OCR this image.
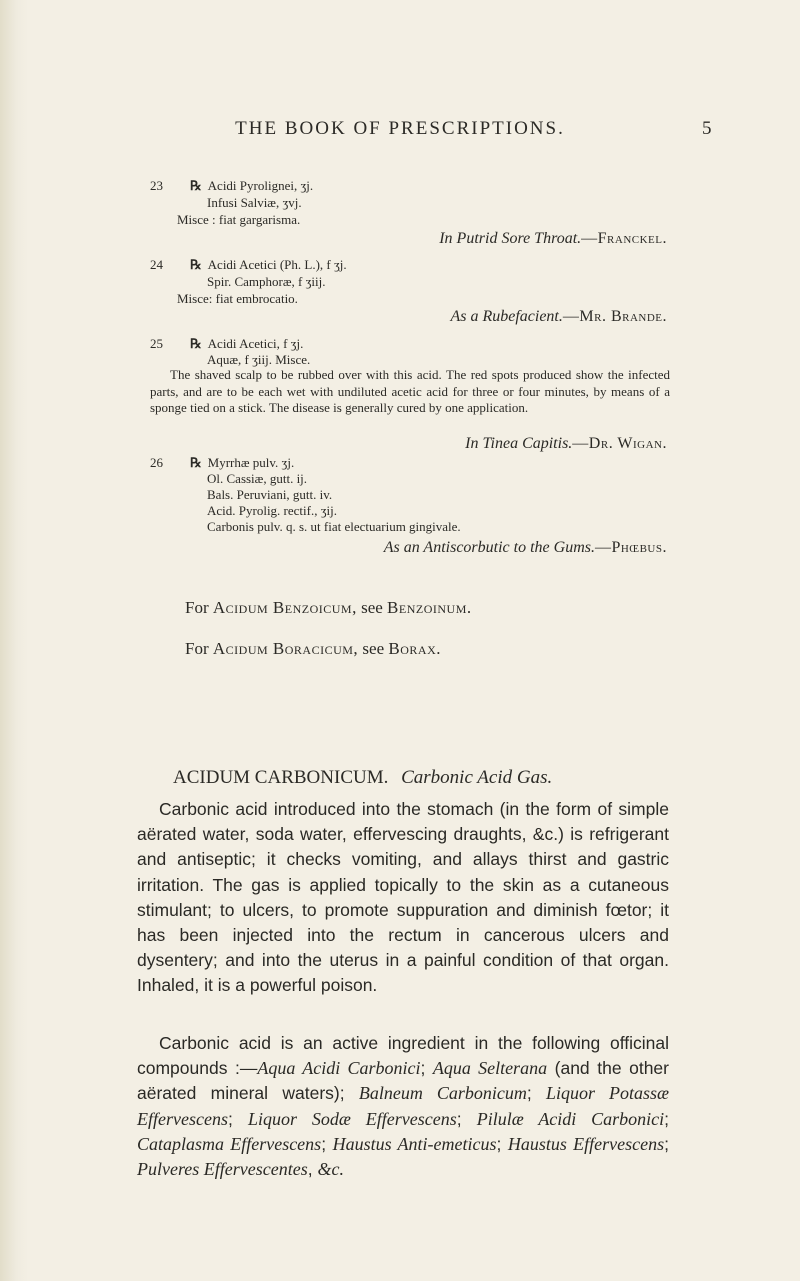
THE BOOK OF PRESCRIPTIONS.	5
23 ℞ Acidi Pyrolignei, ʒj.
Infusi Salviæ, ʒvj.
Misce : fiat gargarisma.
In Putrid Sore Throat.—Franckel.
24 ℞ Acidi Acetici (Ph. L.), f ʒj.
Spir. Camphoræ, f ʒiij.
Misce: fiat embrocatio.
As a Rubefacient.—Mr. Brande.
25 ℞ Acidi Acetici, f ʒj.
Aquæ, f ʒiij. Misce.
The shaved scalp to be rubbed over with this acid. The red spots produced show the infected parts, and are to be each wet with undiluted acetic acid for three or four minutes, by means of a sponge tied on a stick. The disease is generally cured by one application.
In Tinea Capitis.—Dr. Wigan.
26 ℞ Myrrhæ pulv. ʒj.
Ol. Cassiæ, gutt. ij.
Bals. Peruviani, gutt. iv.
Acid. Pyrolig. rectif., ʒij.
Carbonis pulv. q. s. ut fiat electuarium gingivale.
As an Antiscorbutic to the Gums.—Phœbus.
For Acidum Benzoicum, see Benzoinum.
For Acidum Boracicum, see Borax.
ACIDUM CARBONICUM. Carbonic Acid Gas.
Carbonic acid introduced into the stomach (in the form of simple aërated water, soda water, effervescing draughts, &c.) is refrigerant and antiseptic; it checks vomiting, and allays thirst and gastric irritation. The gas is applied topically to the skin as a cutaneous stimulant; to ulcers, to promote suppuration and diminish fœtor; it has been injected into the rectum in cancerous ulcers and dysentery; and into the uterus in a painful condition of that organ. Inhaled, it is a powerful poison.
Carbonic acid is an active ingredient in the following officinal compounds :—Aqua Acidi Carbonici; Aqua Selterana (and the other aërated mineral waters); Balneum Carbonicum; Liquor Potassæ Effervescens; Liquor Sodæ Effervescens; Pilulæ Acidi Carbonici; Cataplasma Effervescens; Haustus Anti-emeticus; Haustus Effervescens; Pulveres Effervescentes, &c.
